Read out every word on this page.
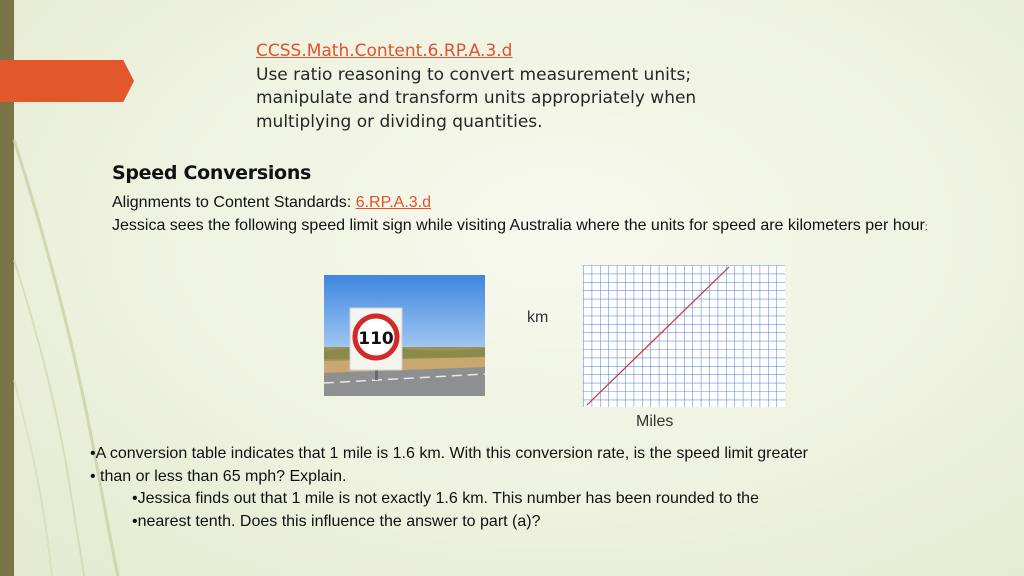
CCSS.Math.Content.6.RP.A.3.d
Use ratio reasoning to convert measurement units;
manipulate and transform units appropriately when
multiplying or dividing quantities.
Speed Conversions
Alignments to Content Standards: 6.RP.A.3.d
Jessica sees the following speed limit sign while visiting Australia where the units for speed are kilometers per hour:
110
km
Miles
•A conversion table indicates that 1 mile is 1.6 km. With this conversion rate, is the speed limit greater
• than or less than 65 mph? Explain.
•Jessica finds out that 1 mile is not exactly 1.6 km. This number has been rounded to the
•nearest tenth. Does this influence the answer to part (a)?
